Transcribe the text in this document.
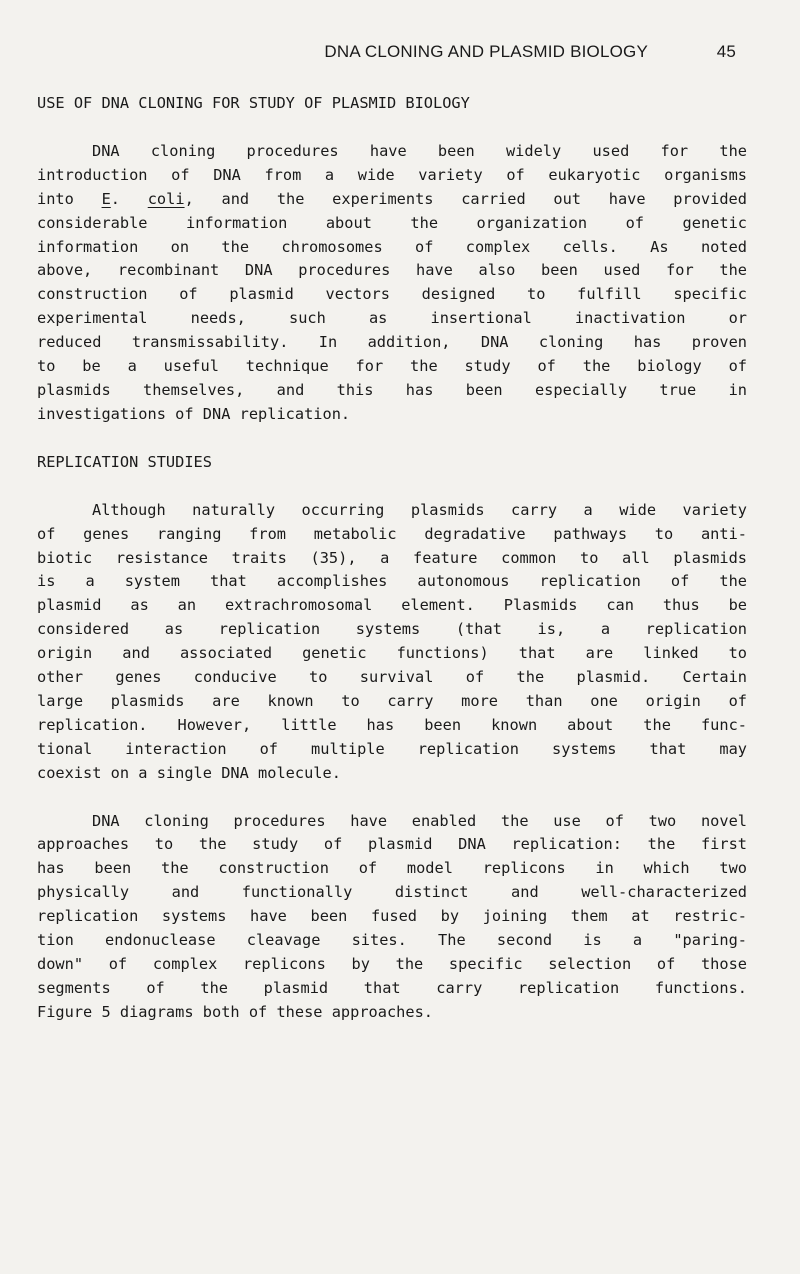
DNA CLONING AND PLASMID BIOLOGY	45
USE OF DNA CLONING FOR STUDY OF PLASMID BIOLOGY
DNA cloning procedures have been widely used for the
introduction of DNA from a wide variety of eukaryotic organisms
into E. coli, and the experiments carried out have provided
considerable information about the organization of genetic
information on the chromosomes of complex cells. As noted
above, recombinant DNA procedures have also been used for the
construction of plasmid vectors designed to fulfill specific
experimental needs, such as insertional inactivation or
reduced transmissability. In addition, DNA cloning has proven
to be a useful technique for the study of the biology of
plasmids themselves, and this has been especially true in
investigations of DNA replication.
REPLICATION STUDIES
Although naturally occurring plasmids carry a wide variety
of genes ranging from metabolic degradative pathways to anti-
biotic resistance traits (35), a feature common to all plasmids
is a system that accomplishes autonomous replication of the
plasmid as an extrachromosomal element. Plasmids can thus be
considered as replication systems (that is, a replication
origin and associated genetic functions) that are linked to
other genes conducive to survival of the plasmid. Certain
large plasmids are known to carry more than one origin of
replication. However, little has been known about the func-
tional interaction of multiple replication systems that may
coexist on a single DNA molecule.
DNA cloning procedures have enabled the use of two novel
approaches to the study of plasmid DNA replication: the first
has been the construction of model replicons in which two
physically and functionally distinct and well-characterized
replication systems have been fused by joining them at restric-
tion endonuclease cleavage sites. The second is a "paring-
down" of complex replicons by the specific selection of those
segments of the plasmid that carry replication functions.
Figure 5 diagrams both of these approaches.
